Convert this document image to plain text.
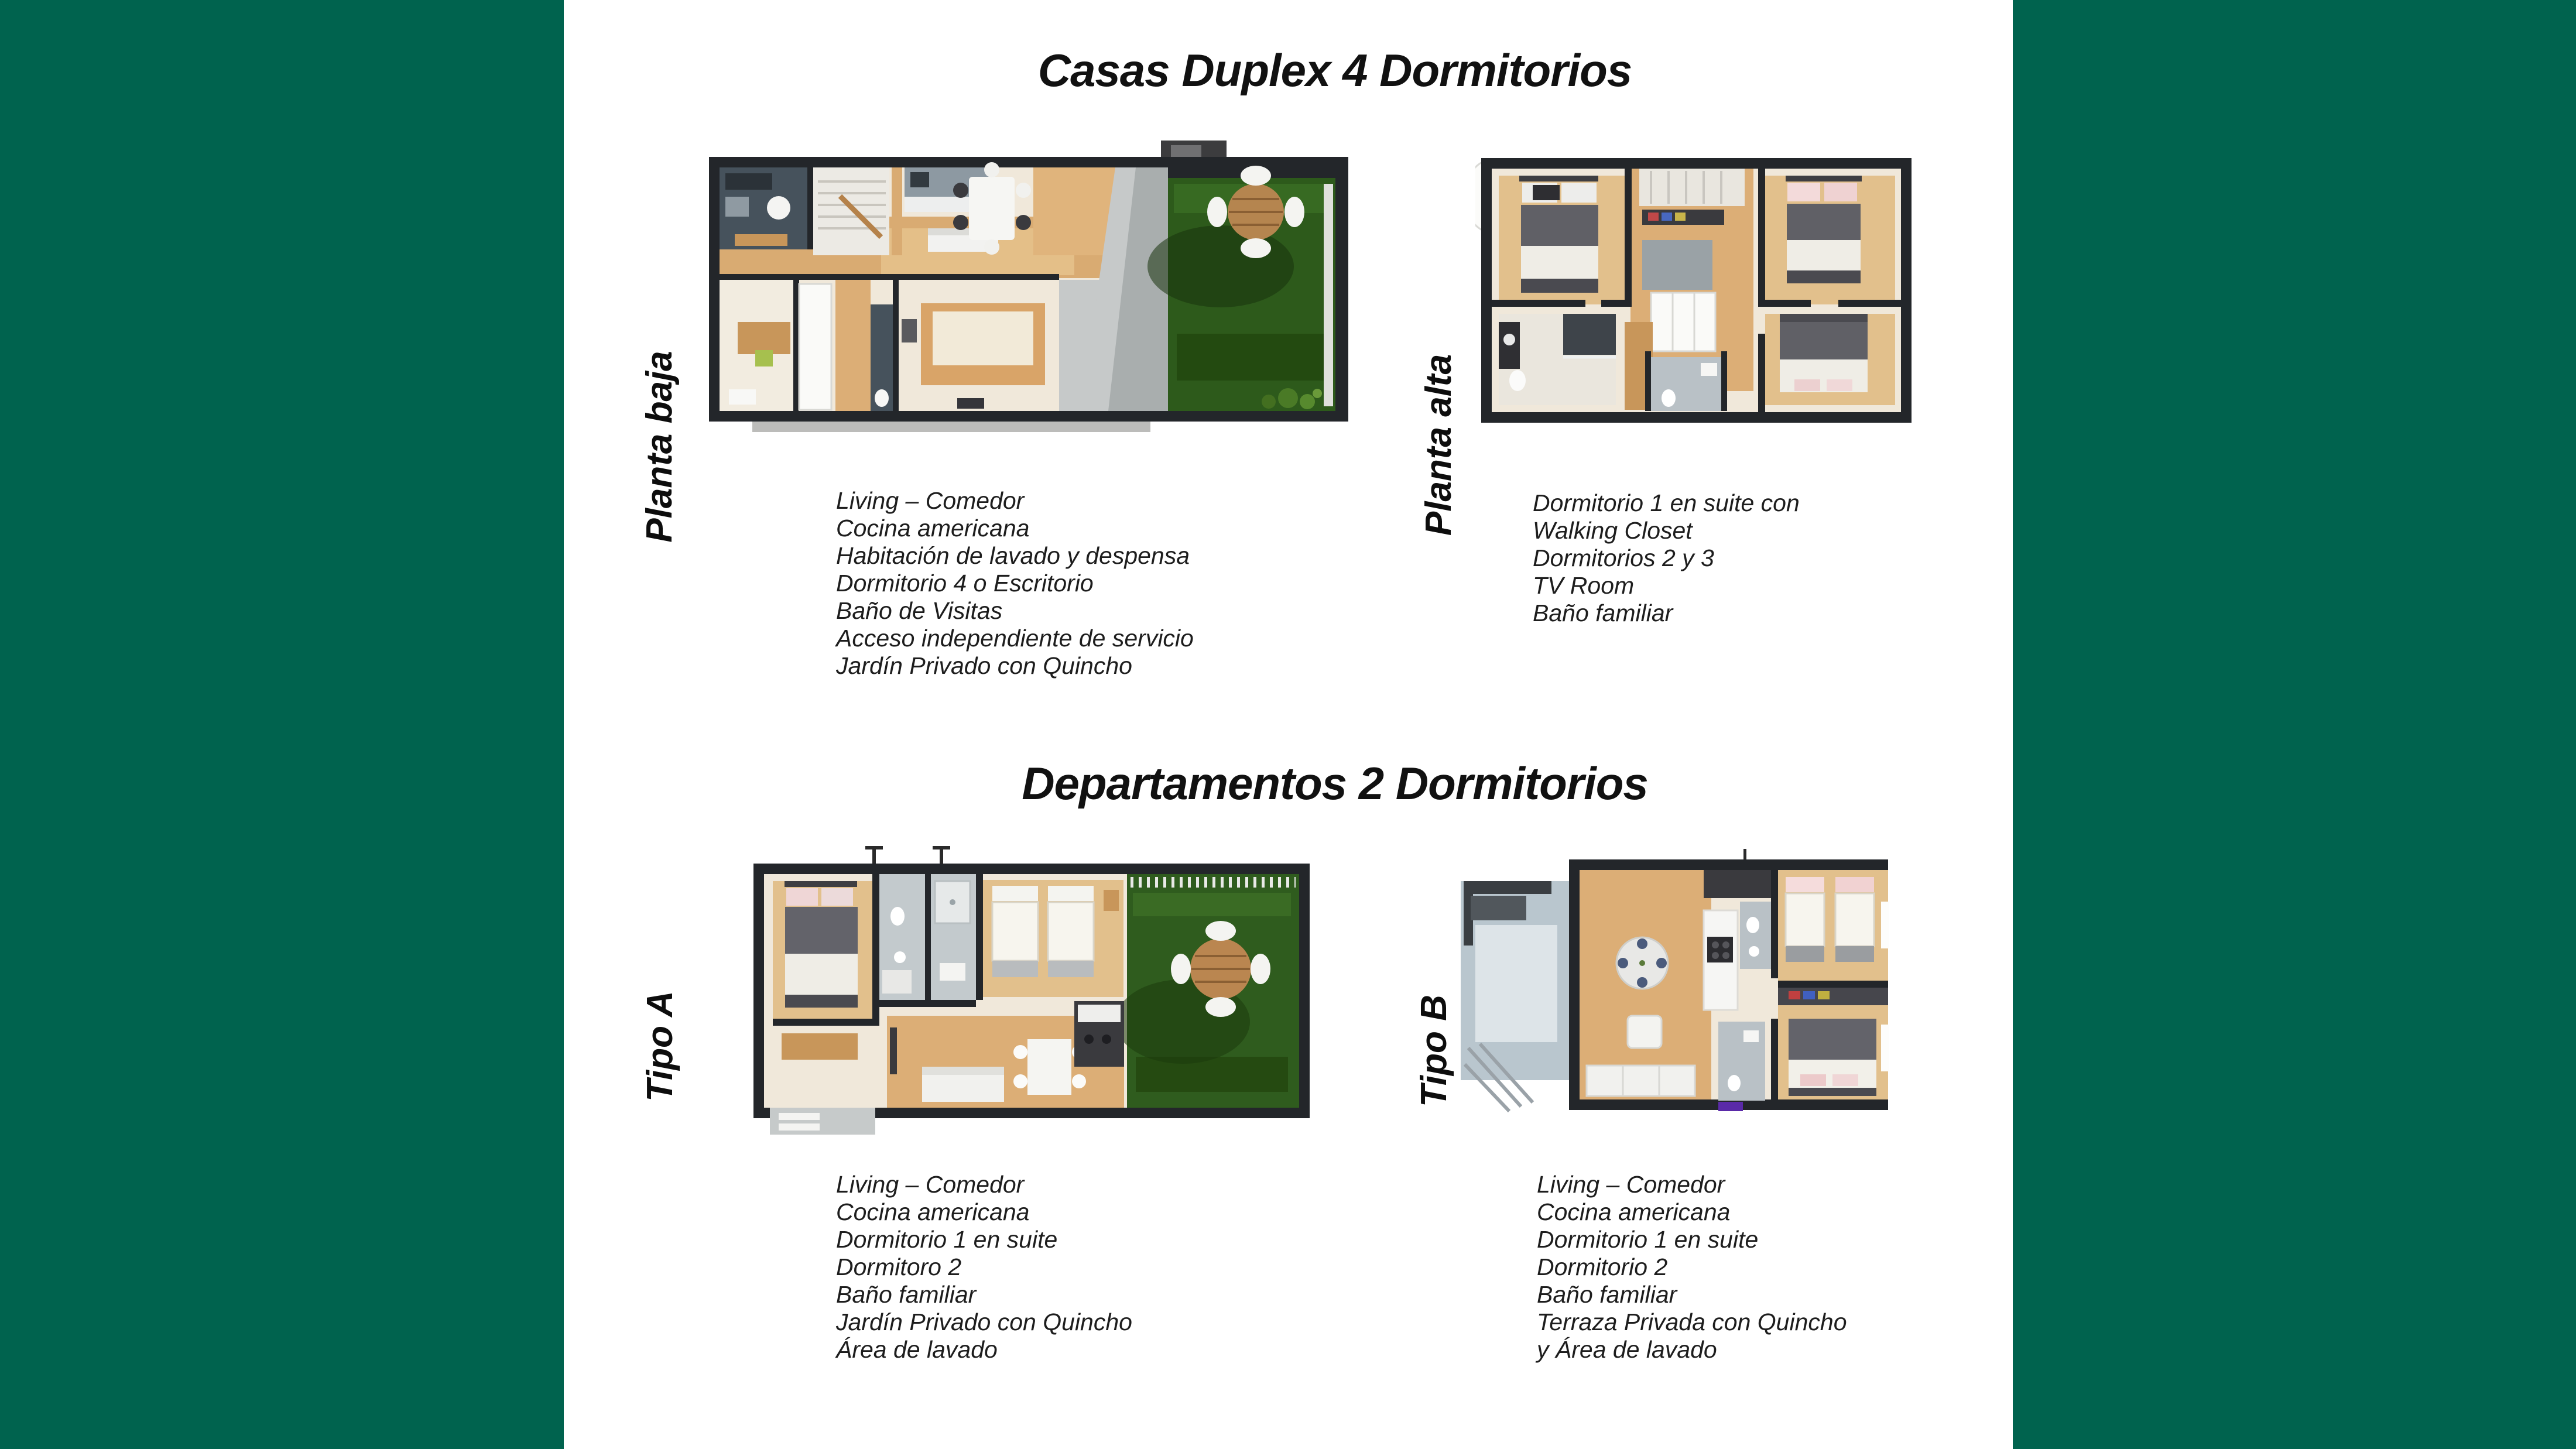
Casas Duplex 4 Dormitorios
Planta baja	Planta alta
Living – Comedor
Cocina americana
Habitación de lavado y despensa
Dormitorio 4 o Escritorio
Baño de Visitas
Acceso independiente de servicio
Jardín Privado con Quincho
Dormitorio 1 en suite con
Walking Closet
Dormitorios 2 y 3
TV Room
Baño familiar
Departamentos 2 Dormitorios
Tipo A	Tipo B
Living – Comedor
Cocina americana
Dormitorio 1 en suite
Dormitoro 2
Baño familiar
Jardín Privado con Quincho
Área de lavado
Living – Comedor
Cocina americana
Dormitorio 1 en suite
Dormitorio 2
Baño familiar
Terraza Privada con Quincho
y Área de lavado
